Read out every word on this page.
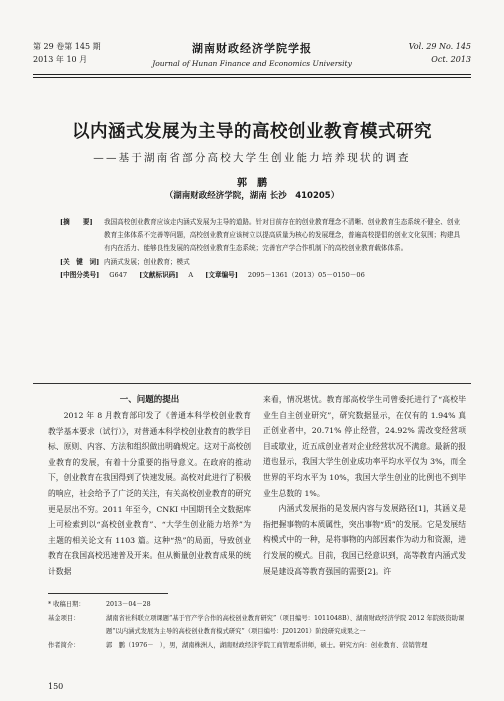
第 29 卷第 145 期
2013 年 10 月
湖南财政经济学院学报
Journal of Hunan Finance and Economics University
Vol. 29 No. 145
Oct. 2013
以内涵式发展为主导的高校创业教育模式研究
——基于湖南省部分高校大学生创业能力培养现状的调查
郭　鹏
（湖南财政经济学院，湖南 长沙　410205）
[摘　　要] 我国高校创业教育应该走内涵式发展为主导的道路。针对目前存在的创业教育理念不清晰、创业教育生态系统不健全、创业教育主体体系不完善等问题，高校创业教育应该树立以提高质量为核心的发展理念，普遍高校提倡的创业文化氛围；构建具有内在活力、能够良性发展的高校创业教育生态系统；完善官产学合作机制下的高校创业教育载体体系。
[关　键　词] 内涵式发展；创业教育；模式
[中图分类号] G647 [文献标识码] A [文章编号] 2095－1361（2013）05－0150－06
一、问题的提出

2012 年 8 月教育部印发了《普通本科学校创业教育教学基本要求（试行）》，对普通本科学校创业教育的教学目标、原则、内容、方法和组织做出明确规定。这对于高校创业教育的发展，有着十分重要的指导意义。在政府的推动下，创业教育在我国得到了快速发展。高校对此进行了积极的响应，社会给予了广泛的关注，有关高校创业教育的研究更是层出不穷。2011 年至今，CNKI 中国期刊全文数据库上可检索到以“高校创业教育”、“大学生创业能力培养”为主题的相关论文有 1103 篇。这种“热”的局面，导致创业教育在我国高校迅速普及开来。但从衡量创业教育成果的统计数据

来看，情况堪忧。教育部高校学生司曾委托进行了“高校毕业生自主创业研究”，研究数据显示，在仅有的 1.94% 真正创业者中，20.71% 停止经营，24.92% 需改变经营项目或歇业，近五成创业者对企业经营状况不满意。最新的报道也显示，我国大学生创业成功率平均水平仅为 3%，而全世界的平均水平为 10%，我国大学生创业的比例也不到毕业生总数的 1%。

内涵式发展指的是发展内容与发展路径[1]，其涵义是指把握事物的本质属性，突出事物“质”的发展。它是发展结构模式中的一种，是将事物的内部因素作为动力和资源，进行发展的模式。目前，我国已经意识到，高等教育内涵式发展是建设高等教育强国的需要[2]。许

* 收稿日期：	2013－04－28
基金项目：	湖南省社科联立项课题“基于官产学合作的高校创业教育研究”（项目编号：1011048B）、湖南财政经济学院 2012 年院级资助课题“以内涵式发展为主导的高校创业教育模式研究”（项目编号：J201201）阶段研究成果之一
作者简介：	郭　鹏（1976－　），男，湖南株洲人，湖南财政经济学院工商管理系讲师，硕士。研究方向：创业教育、营销管理
150
